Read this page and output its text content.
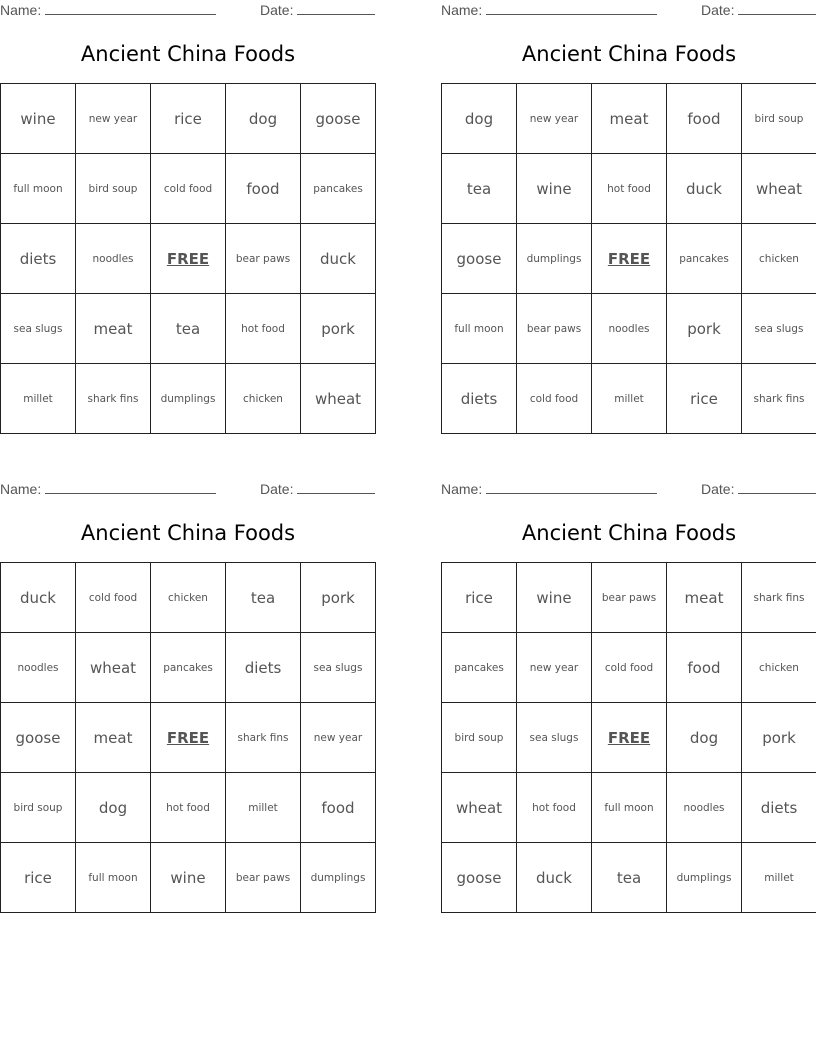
Name:	Date:
Ancient China Foods
wine	new year	rice	dog	goose
full moon	bird soup	cold food	food	pancakes
diets	noodles	FREE	bear paws	duck
sea slugs	meat	tea	hot food	pork
millet	shark fins	dumplings	chicken	wheat
Name:	Date:
Ancient China Foods
dog	new year	meat	food	bird soup
tea	wine	hot food	duck	wheat
goose	dumplings	FREE	pancakes	chicken
full moon	bear paws	noodles	pork	sea slugs
diets	cold food	millet	rice	shark fins
Name:	Date:
Ancient China Foods
duck	cold food	chicken	tea	pork
noodles	wheat	pancakes	diets	sea slugs
goose	meat	FREE	shark fins	new year
bird soup	dog	hot food	millet	food
rice	full moon	wine	bear paws	dumplings
Name:	Date:
Ancient China Foods
rice	wine	bear paws	meat	shark fins
pancakes	new year	cold food	food	chicken
bird soup	sea slugs	FREE	dog	pork
wheat	hot food	full moon	noodles	diets
goose	duck	tea	dumplings	millet
